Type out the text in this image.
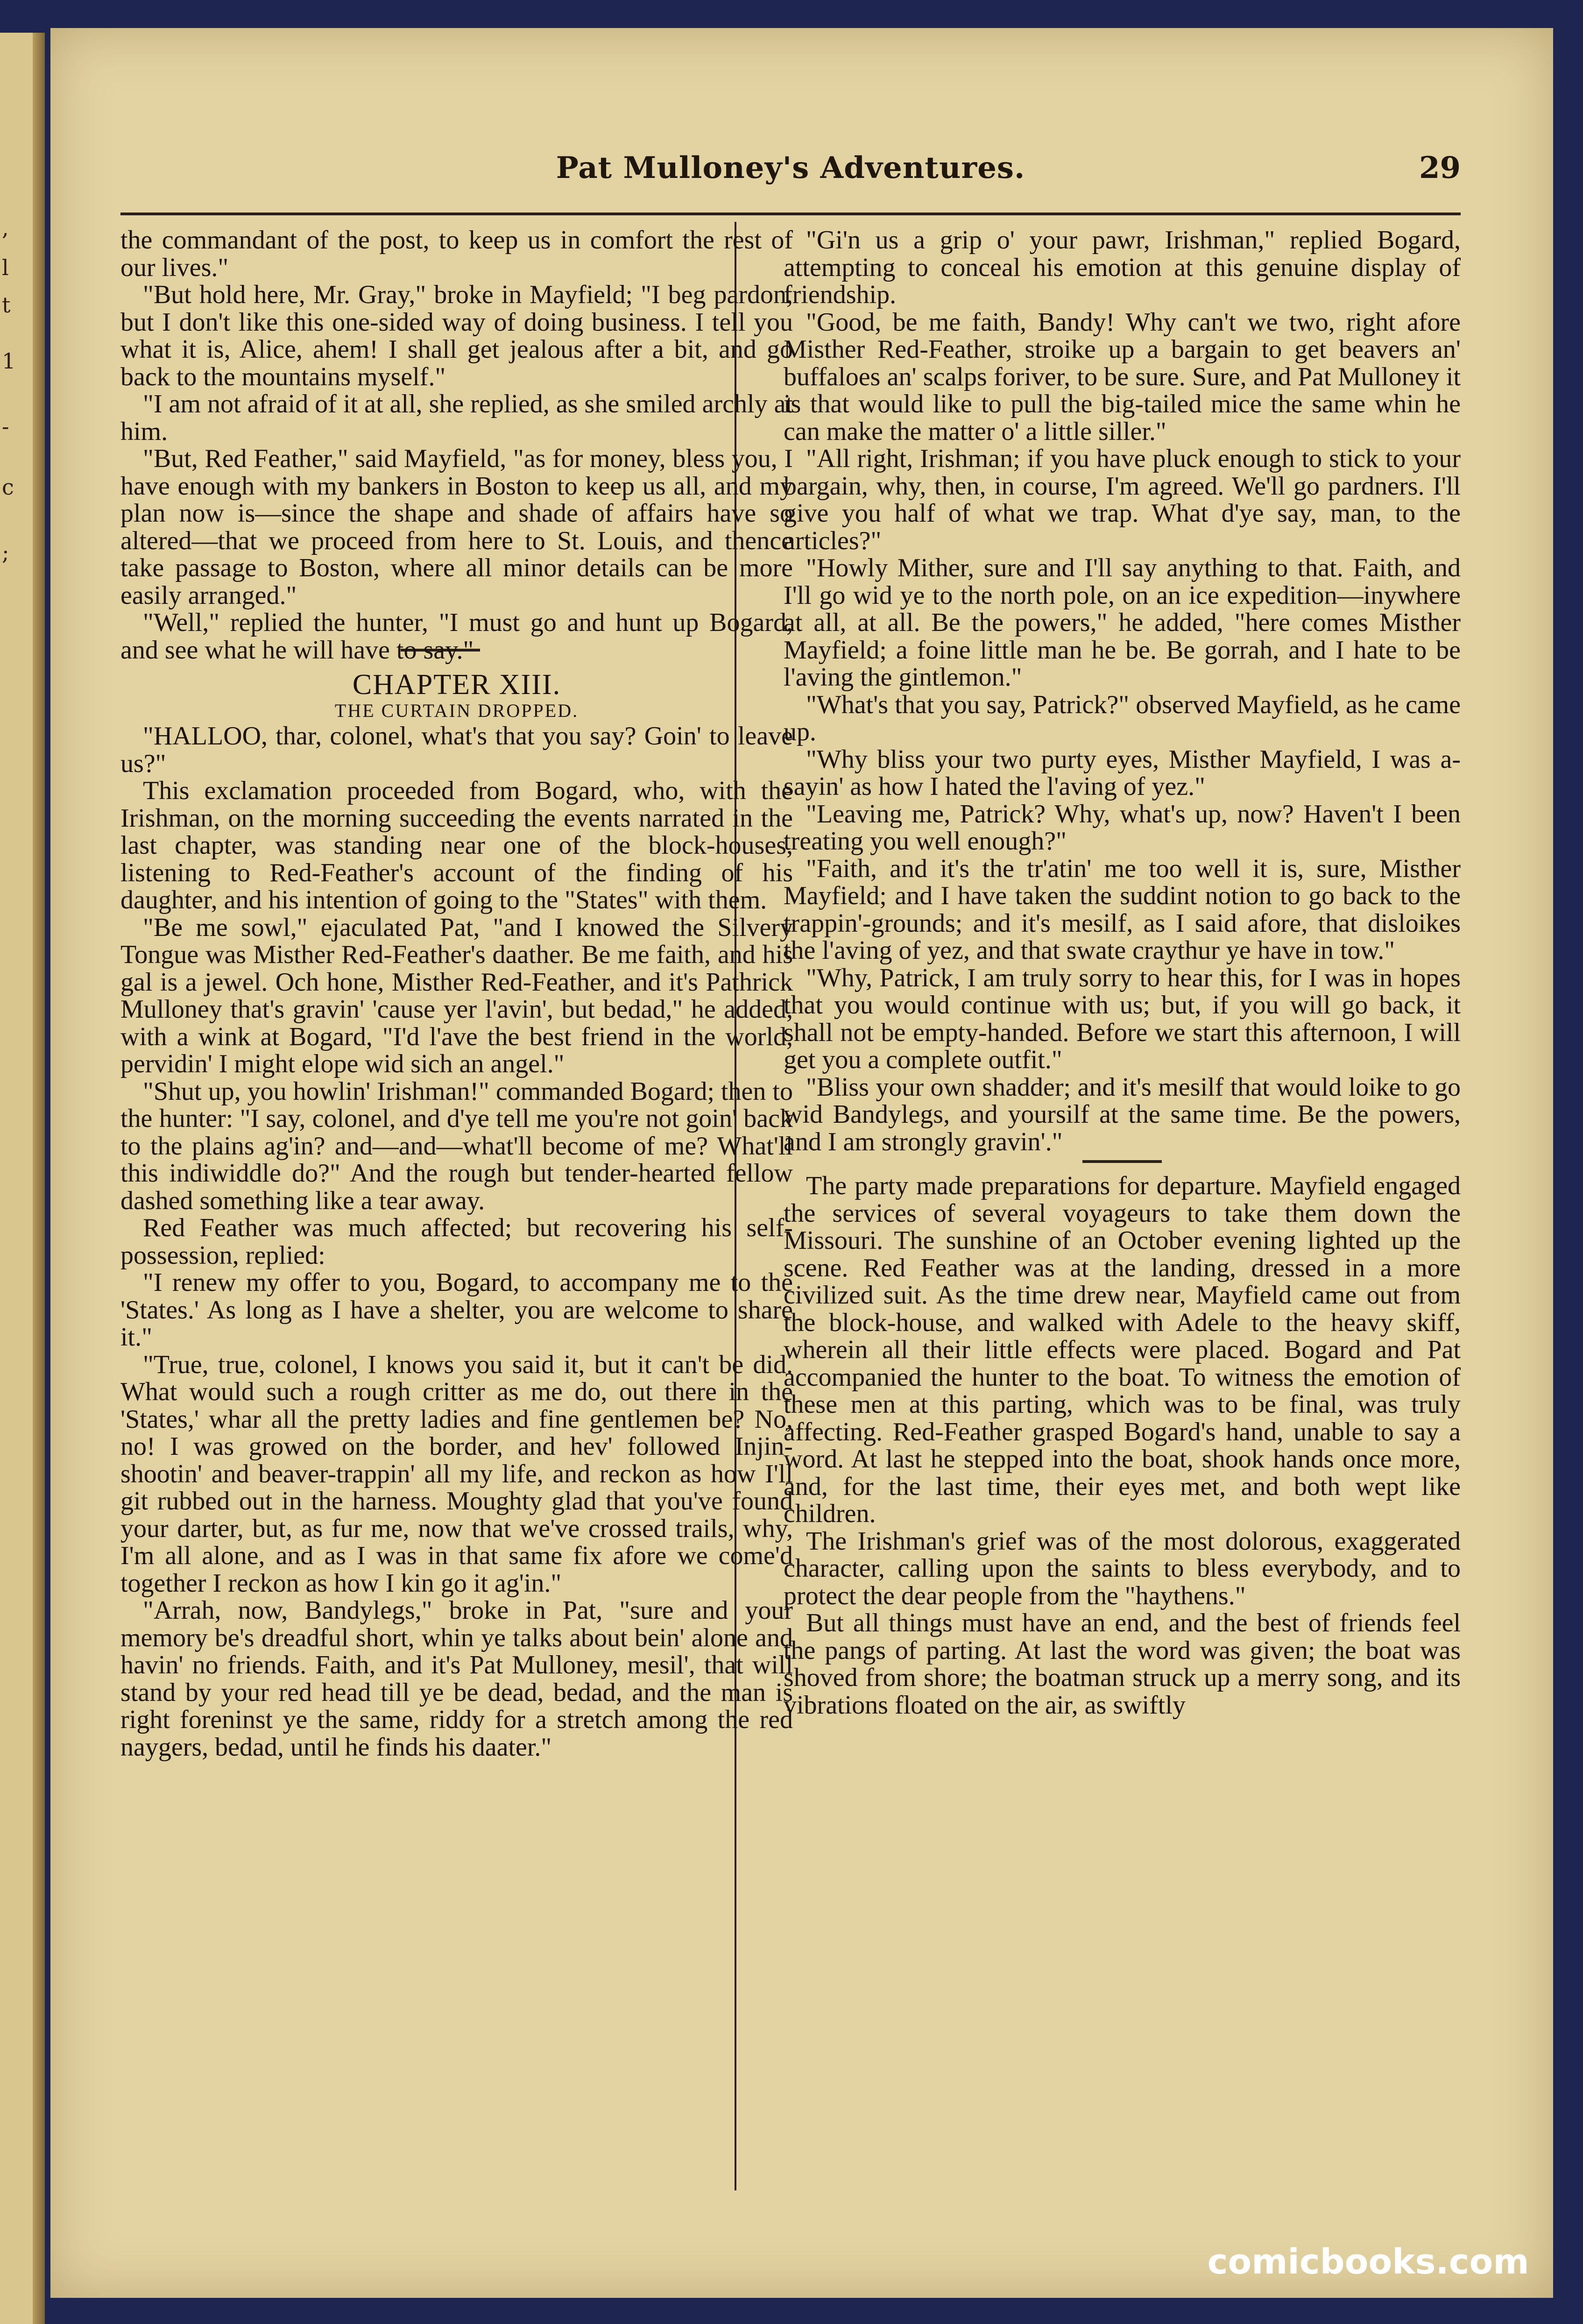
,
l
t
1
-
c
;
Pat Mulloney's Adventures.	29

the commandant of the post, to keep us in comfort the rest of our lives."

"But hold here, Mr. Gray," broke in Mayfield; "I beg pardon, but I don't like this one-sided way of doing business. I tell you what it is, Alice, ahem! I shall get jealous after a bit, and go back to the mountains myself."

"I am not afraid of it at all, she replied, as she smiled archly at him.

"But, Red Feather," said Mayfield, "as for money, bless you, I have enough with my bankers in Boston to keep us all, and my plan now is—since the shape and shade of affairs have so altered—that we proceed from here to St. Louis, and thence take passage to Boston, where all minor details can be more easily arranged."

"Well," replied the hunter, "I must go and hunt up Bogard, and see what he will have to say."

CHAPTER XIII.
THE CURTAIN DROPPED.

"HALLOO, thar, colonel, what's that you say? Goin' to leave us?"

This exclamation proceeded from Bogard, who, with the Irishman, on the morning succeeding the events narrated in the last chapter, was standing near one of the block-houses, listening to Red-Feather's account of the finding of his daughter, and his intention of going to the "States" with them.

"Be me sowl," ejaculated Pat, "and I knowed the Silvery Tongue was Misther Red-Feather's daather. Be me faith, and his gal is a jewel. Och hone, Misther Red-Feather, and it's Pathrick Mulloney that's gravin' 'cause yer l'avin', but bedad," he added, with a wink at Bogard, "I'd l'ave the best friend in the world, pervidin' I might elope wid sich an angel."

"Shut up, you howlin' Irishman!" commanded Bogard; then to the hunter: "I say, colonel, and d'ye tell me you're not goin' back to the plains ag'in? and—and—what'll become of me? What'll this indiwiddle do?" And the rough but tender-hearted fellow dashed something like a tear away.

Red Feather was much affected; but recovering his self-possession, replied:

"I renew my offer to you, Bogard, to accompany me to the 'States.' As long as I have a shelter, you are welcome to share it."

"True, true, colonel, I knows you said it, but it can't be did. What would such a rough critter as me do, out there in the 'States,' whar all the pretty ladies and fine gentlemen be? No, no! I was growed on the border, and hev' followed Injin-shootin' and beaver-trappin' all my life, and reckon as how I'll git rubbed out in the harness. Moughty glad that you've found your darter, but, as fur me, now that we've crossed trails, why, I'm all alone, and as I was in that same fix afore we come'd together I reckon as how I kin go it ag'in."

"Arrah, now, Bandylegs," broke in Pat, "sure and your memory be's dreadful short, whin ye talks about bein' alone and havin' no friends. Faith, and it's Pat Mulloney, mesil', that will stand by your red head till ye be dead, bedad, and the man is right foreninst ye the same, riddy for a stretch among the red naygers, bedad, until he finds his daater."

"Gi'n us a grip o' your pawr, Irishman," replied Bogard, attempting to conceal his emotion at this genuine display of friendship.

"Good, be me faith, Bandy! Why can't we two, right afore Misther Red-Feather, stroike up a bargain to get beavers an' buffaloes an' scalps foriver, to be sure. Sure, and Pat Mulloney it is that would like to pull the big-tailed mice the same whin he can make the matter o' a little siller."

"All right, Irishman; if you have pluck enough to stick to your bargain, why, then, in course, I'm agreed. We'll go pardners. I'll give you half of what we trap. What d'ye say, man, to the articles?"

"Howly Mither, sure and I'll say anything to that. Faith, and I'll go wid ye to the north pole, on an ice expedition—inywhere at all, at all. Be the powers," he added, "here comes Misther Mayfield; a foine little man he be. Be gorrah, and I hate to be l'aving the gintlemon."

"What's that you say, Patrick?" observed Mayfield, as he came up.

"Why bliss your two purty eyes, Misther Mayfield, I was a-sayin' as how I hated the l'aving of yez."

"Leaving me, Patrick? Why, what's up, now? Haven't I been treating you well enough?"

"Faith, and it's the tr'atin' me too well it is, sure, Misther Mayfield; and I have taken the suddint notion to go back to the trappin'-grounds; and it's mesilf, as I said afore, that disloikes the l'aving of yez, and that swate craythur ye have in tow."

"Why, Patrick, I am truly sorry to hear this, for I was in hopes that you would continue with us; but, if you will go back, it shall not be empty-handed. Before we start this afternoon, I will get you a complete outfit."

"Bliss your own shadder; and it's mesilf that would loike to go wid Bandylegs, and yoursilf at the same time. Be the powers, and I am strongly gravin'."

The party made preparations for departure. Mayfield engaged the services of several voyageurs to take them down the Missouri. The sunshine of an October evening lighted up the scene. Red Feather was at the landing, dressed in a more civilized suit. As the time drew near, Mayfield came out from the block-house, and walked with Adele to the heavy skiff, wherein all their little effects were placed. Bogard and Pat accompanied the hunter to the boat. To witness the emotion of these men at this parting, which was to be final, was truly affecting. Red-Feather grasped Bogard's hand, unable to say a word. At last he stepped into the boat, shook hands once more, and, for the last time, their eyes met, and both wept like children.

The Irishman's grief was of the most dolorous, exaggerated character, calling upon the saints to bless everybody, and to protect the dear people from the "haythens."

But all things must have an end, and the best of friends feel the pangs of parting. At last the word was given; the boat was shoved from shore; the boatman struck up a merry song, and its vibrations floated on the air, as swiftly

comicbooks.com
